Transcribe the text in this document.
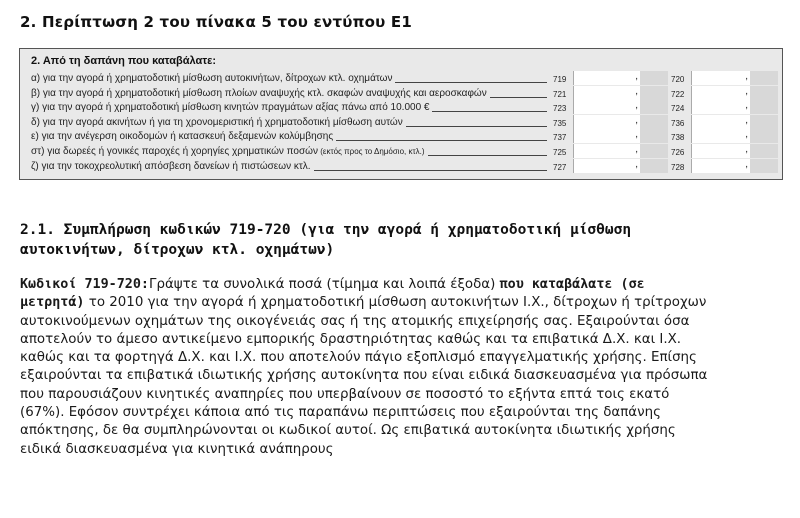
2. Περίπτωση 2 του πίνακα 5 του εντύπου Ε1
2. Από τη δαπάνη που καταβάλατε:
α) για την αγορά ή χρηματοδοτική μίσθωση αυτοκινήτων, δίτροχων κτλ. οχημάτων	719	,	720	,
β) για την αγορά ή χρηματοδοτική μίσθωση πλοίων αναψυχής κτλ. σκαφών αναψυχής και αεροσκαφών	721	,	722	,
γ) για την αγορά ή χρηματοδοτική μίσθωση κινητών πραγμάτων αξίας πάνω από 10.000 €	723	,	724	,
δ) για την αγορά ακινήτων ή για τη χρονομεριστική ή χρηματοδοτική μίσθωση αυτών	735	,	736	,
ε) για την ανέγερση οικοδομών ή κατασκευή δεξαμενών κολύμβησης	737	,	738	,
στ) για δωρεές ή γονικές παροχές ή χορηγίες χρηματικών ποσών (εκτός προς το Δημόσιο, κτλ.)	725	,	726	,
ζ) για την τοκοχρεολυτική απόσβεση δανείων ή πιστώσεων κτλ.	727	,	728	,
2.1. Συμπλήρωση κωδικών 719-720 (για την αγορά ή χρηματοδοτική μίσθωση αυτοκινήτων, δίτροχων κτλ. οχημάτων)
Κωδικοί 719-720:Γράψτε τα συνολικά ποσά (τίμημα και λοιπά έξοδα) που καταβάλατε (σε μετρητά) το 2010 για την αγορά ή χρηματοδοτική μίσθωση αυτοκινήτων Ι.Χ., δίτροχων ή τρίτροχων αυτοκινούμενων οχημάτων της οικογένειάς σας ή της ατομικής επιχείρησής σας. Εξαιρούνται όσα αποτελούν το άμεσο αντικείμενο εμπορικής δραστηριότητας καθώς και τα επιβατικά Δ.Χ. και Ι.Χ. καθώς και τα φορτηγά Δ.Χ. και Ι.Χ. που αποτελούν πάγιο εξοπλισμό επαγγελματικής χρήσης. Επίσης εξαιρούνται τα επιβατικά ιδιωτικής χρήσης αυτοκίνητα που είναι ειδικά διασκευασμένα για πρόσωπα που παρουσιάζουν κινητικές αναπηρίες που υπερβαίνουν σε ποσοστό το εξήντα επτά τοις εκατό (67%). Εφόσον συντρέχει κάποια από τις παραπάνω περιπτώσεις που εξαιρούνται της δαπάνης απόκτησης, δε θα συμπληρώνονται οι κωδικοί αυτοί. Ως επιβατικά αυτοκίνητα ιδιωτικής χρήσης ειδικά διασκευασμένα για κινητικά ανάπηρους
